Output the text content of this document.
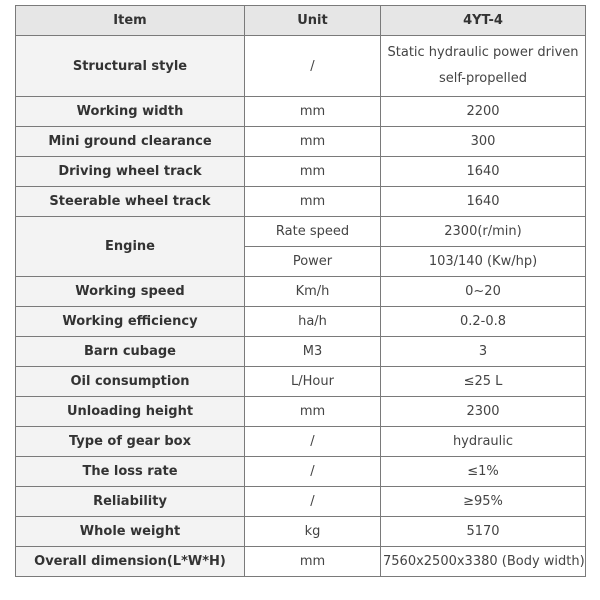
Item	Unit	4YT-4
Structural style	/	Static hydraulic power driven self-propelled
Working width	mm	2200
Mini ground clearance	mm	300
Driving wheel track	mm	1640
Steerable wheel track	mm	1640
Engine	Rate speed	2300(r/min)
	Power	103/140 (Kw/hp)
Working speed	Km/h	0~20
Working efficiency	ha/h	0.2-0.8
Barn cubage	M3	3
Oil consumption	L/Hour	≤25 L
Unloading height	mm	2300
Type of gear box	/	hydraulic
The loss rate	/	≤1%
Reliability	/	≥95%
Whole weight	kg	5170
Overall dimension(L*W*H)	mm	7560x2500x3380 (Body width)
